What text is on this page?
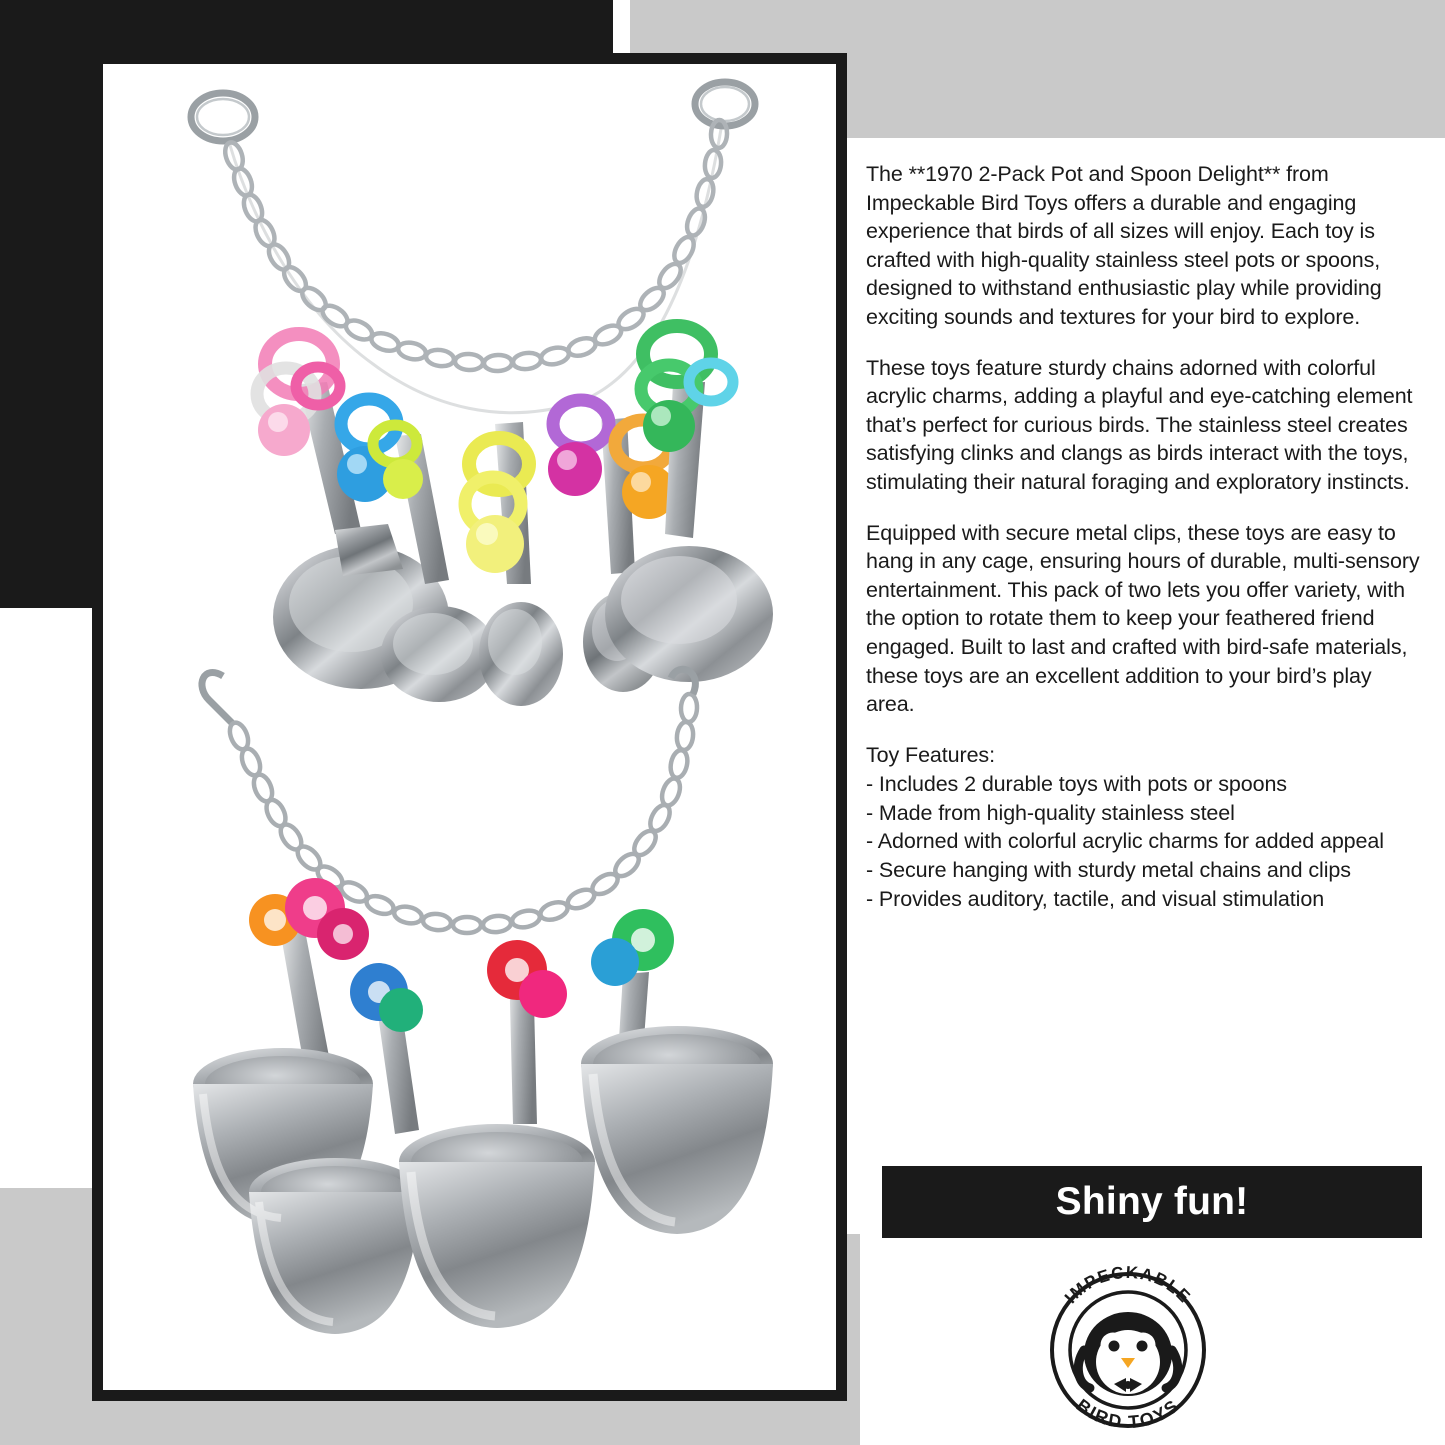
The **1970 2-Pack Pot and Spoon Delight** from Impeckable Bird Toys offers a durable and engaging experience that birds of all sizes will enjoy. Each toy is crafted with high-quality stainless steel pots or spoons, designed to withstand enthusiastic play while providing exciting sounds and textures for your bird to explore.

These toys feature sturdy chains adorned with colorful acrylic charms, adding a playful and eye-catching element that’s perfect for curious birds. The stainless steel creates satisfying clinks and clangs as birds interact with the toys, stimulating their natural foraging and exploratory instincts.

Equipped with secure metal clips, these toys are easy to hang in any cage, ensuring hours of durable, multi-sensory entertainment. This pack of two lets you offer variety, with the option to rotate them to keep your feathered friend engaged. Built to last and crafted with bird-safe materials, these toys are an excellent addition to your bird’s play area.

Toy Features:

- Includes 2 durable toys with pots or spoons

- Made from high-quality stainless steel

- Adorned with colorful acrylic charms for added appeal

- Secure hanging with sturdy metal chains and clips

- Provides auditory, tactile, and visual stimulation

Shiny fun!
IMPECKABLE
BIRD TOYS
